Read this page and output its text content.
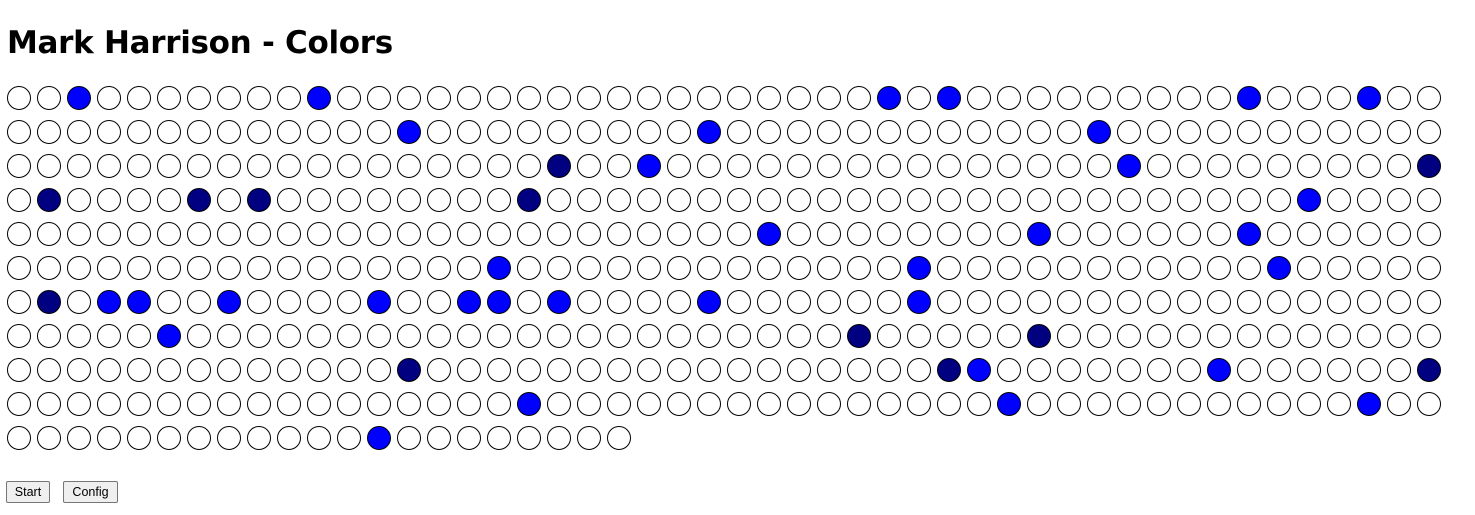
Mark Harrison - Colors
Start	Config
